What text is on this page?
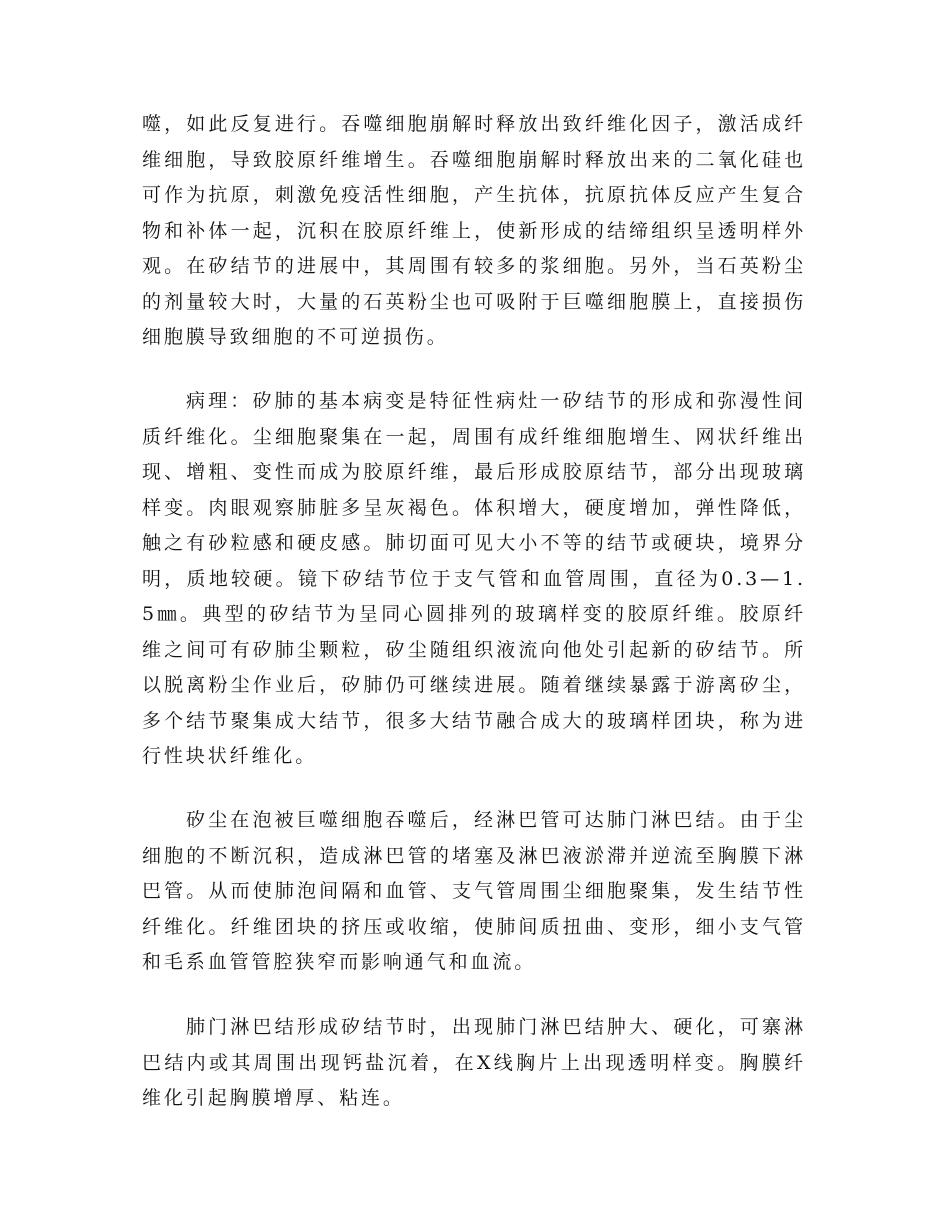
噬，如此反复进行。吞噬细胞崩解时释放出致纤维化因子，激活成纤维细胞，导致胶原纤维增生。吞噬细胞崩解时释放出来的二氧化硅也可作为抗原，刺激免疫活性细胞，产生抗体，抗原抗体反应产生复合物和补体一起，沉积在胶原纤维上，使新形成的结缔组织呈透明样外观。在矽结节的进展中，其周围有较多的浆细胞。另外，当石英粉尘的剂量较大时，大量的石英粉尘也可吸附于巨噬细胞膜上，直接损伤细胞膜导致细胞的不可逆损伤。

病理：矽肺的基本病变是特征性病灶一矽结节的形成和弥漫性间质纤维化。尘细胞聚集在一起，周围有成纤维细胞增生、网状纤维出现、增粗、变性而成为胶原纤维，最后形成胶原结节，部分出现玻璃样变。肉眼观察肺脏多呈灰褐色。体积增大，硬度增加，弹性降低，触之有砂粒感和硬皮感。肺切面可见大小不等的结节或硬块，境界分明，质地较硬。镜下矽结节位于支气管和血管周围，直径为0.3—1.5㎜。典型的矽结节为呈同心圆排列的玻璃样变的胶原纤维。胶原纤维之间可有矽肺尘颗粒，矽尘随组织液流向他处引起新的矽结节。所以脱离粉尘作业后，矽肺仍可继续进展。随着继续暴露于游离矽尘，多个结节聚集成大结节，很多大结节融合成大的玻璃样团块，称为进行性块状纤维化。

矽尘在泡被巨噬细胞吞噬后，经淋巴管可达肺门淋巴结。由于尘细胞的不断沉积，造成淋巴管的堵塞及淋巴液淤滞并逆流至胸膜下淋巴管。从而使肺泡间隔和血管、支气管周围尘细胞聚集，发生结节性纤维化。纤维团块的挤压或收缩，使肺间质扭曲、变形，细小支气管和毛系血管管腔狭窄而影响通气和血流。

肺门淋巴结形成矽结节时，出现肺门淋巴结肿大、硬化，可寨淋巴结内或其周围出现钙盐沉着，在X线胸片上出现透明样变。胸膜纤维化引起胸膜增厚、粘连。
